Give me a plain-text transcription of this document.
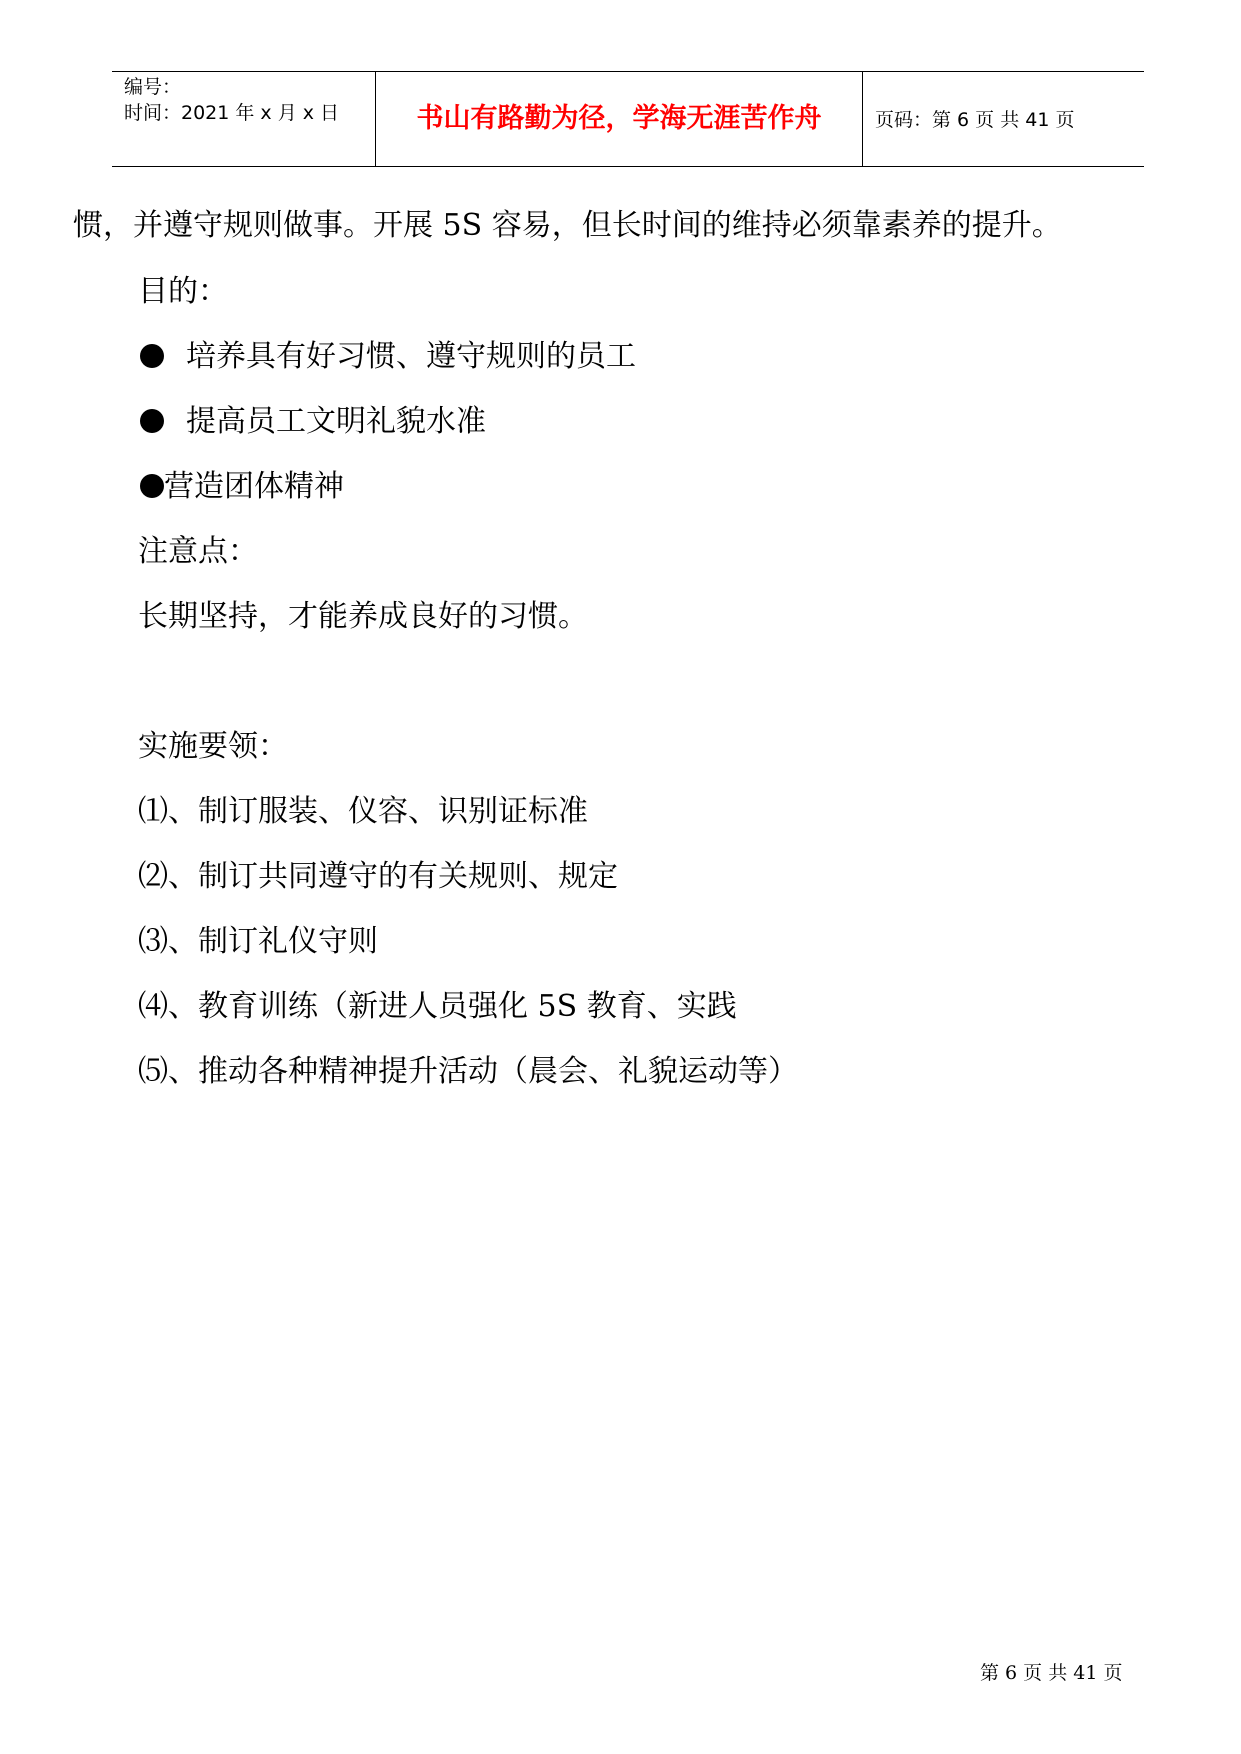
编号：
时间：2021 年 x 月 x 日	书山有路勤为径，学海无涯苦作舟	页码：第 6 页 共 41 页
惯，并遵守规则做事。开展 5S 容易，但长时间的维持必须靠素养的提升。
目的：
培养具有好习惯、遵守规则的员工
提高员工文明礼貌水准
营造团体精神
注意点：
长期坚持，才能养成良好的习惯。
实施要领：
⑴、制订服装、仪容、识别证标准
⑵、制订共同遵守的有关规则、规定
⑶、制订礼仪守则
⑷、教育训练（新进人员强化 5S 教育、实践
⑸、推动各种精神提升活动（晨会、礼貌运动等）
第 6 页 共 41 页
